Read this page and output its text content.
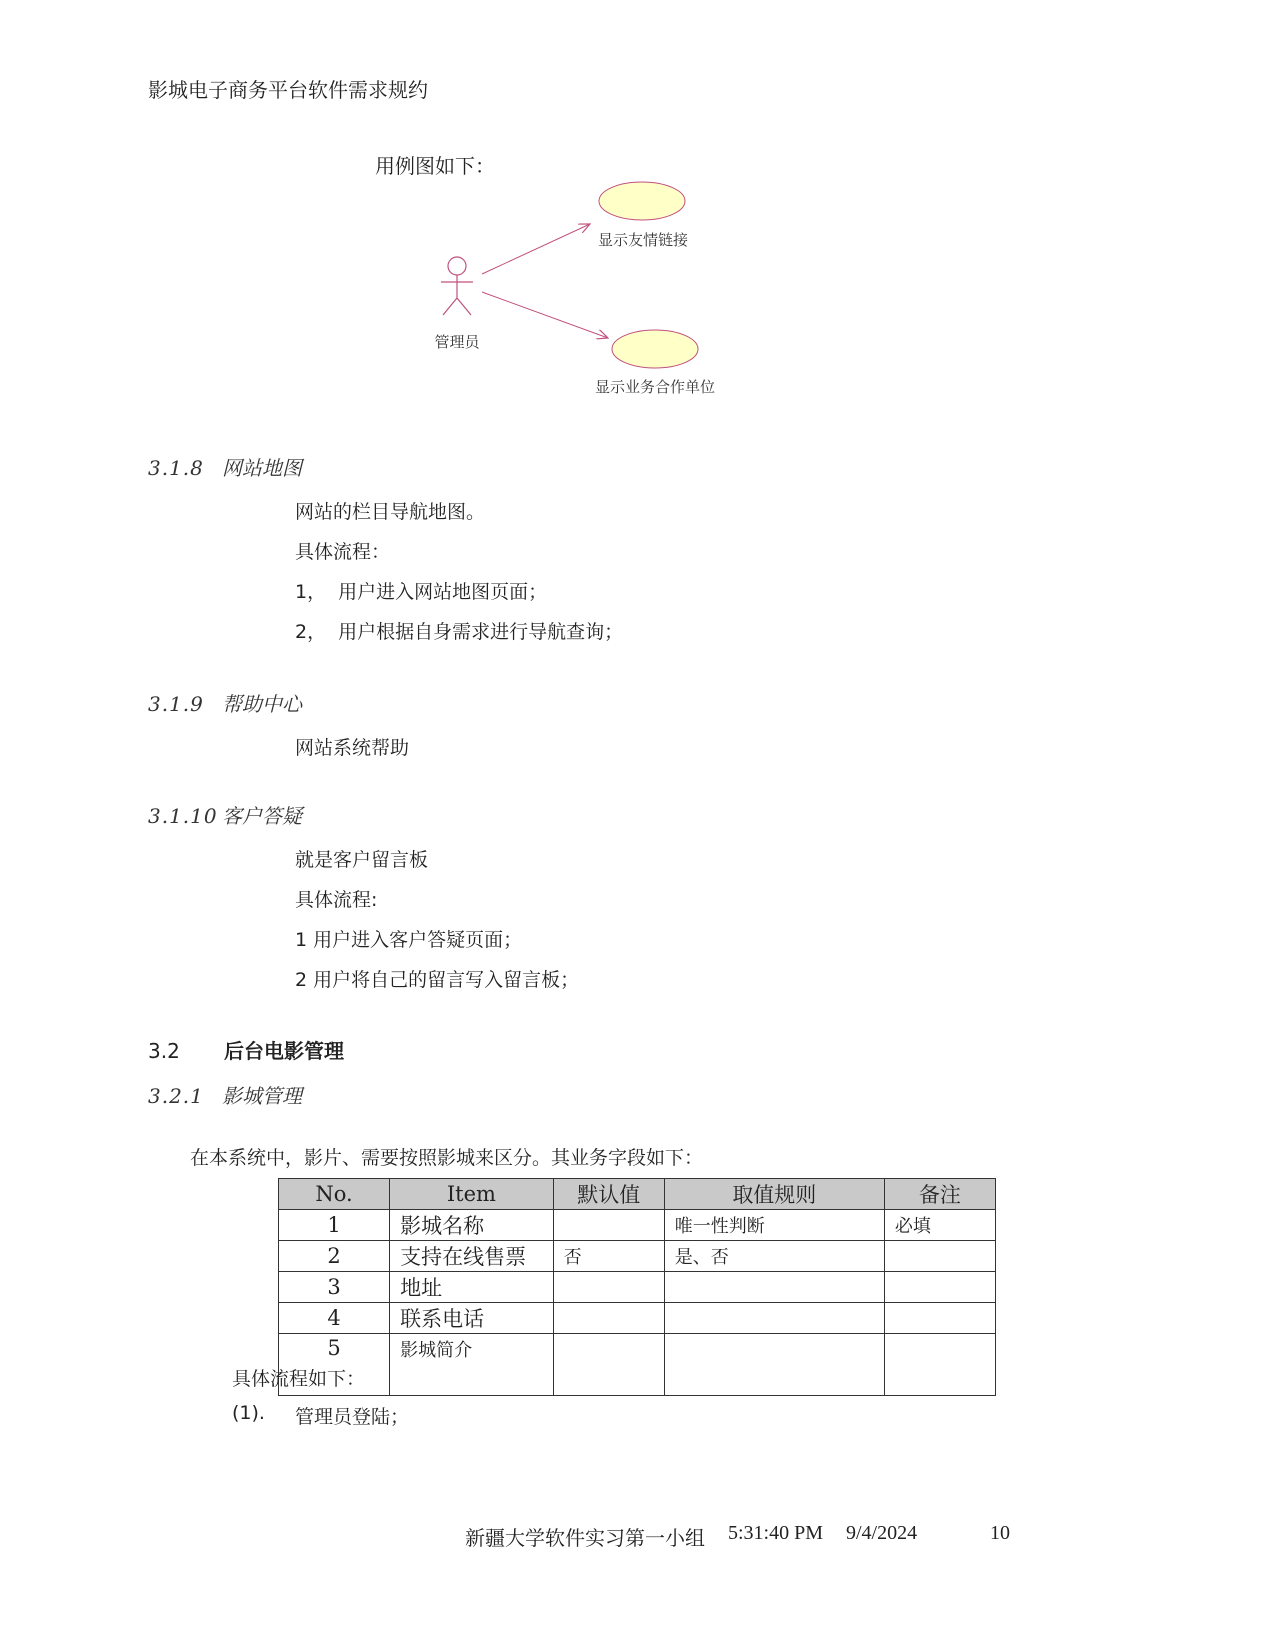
影城电子商务平台软件需求规约
用例图如下：
管理员
显示友情链接
显示业务合作单位
3.1.8 网站地图
网站的栏目导航地图。
具体流程：
1，  用户进入网站地图页面；
2，  用户根据自身需求进行导航查询；
3.1.9 帮助中心
网站系统帮助
3.1.10 客户答疑
就是客户留言板
具体流程:
1 用户进入客户答疑页面；
2 用户将自己的留言写入留言板；
3.2 后台电影管理
3.2.1 影城管理
在本系统中，影片、需要按照影城来区分。其业务字段如下：
No.	Item	默认值	取值规则	备注
1	影城名称		唯一性判断	必填
2	支持在线售票	否	是、否	
3	地址			
4	联系电话			
5	影城简介			
具体流程如下：
(1). 管理员登陆；
新疆大学软件实习第一小组 5:31:40 PM 9/4/2024	10
